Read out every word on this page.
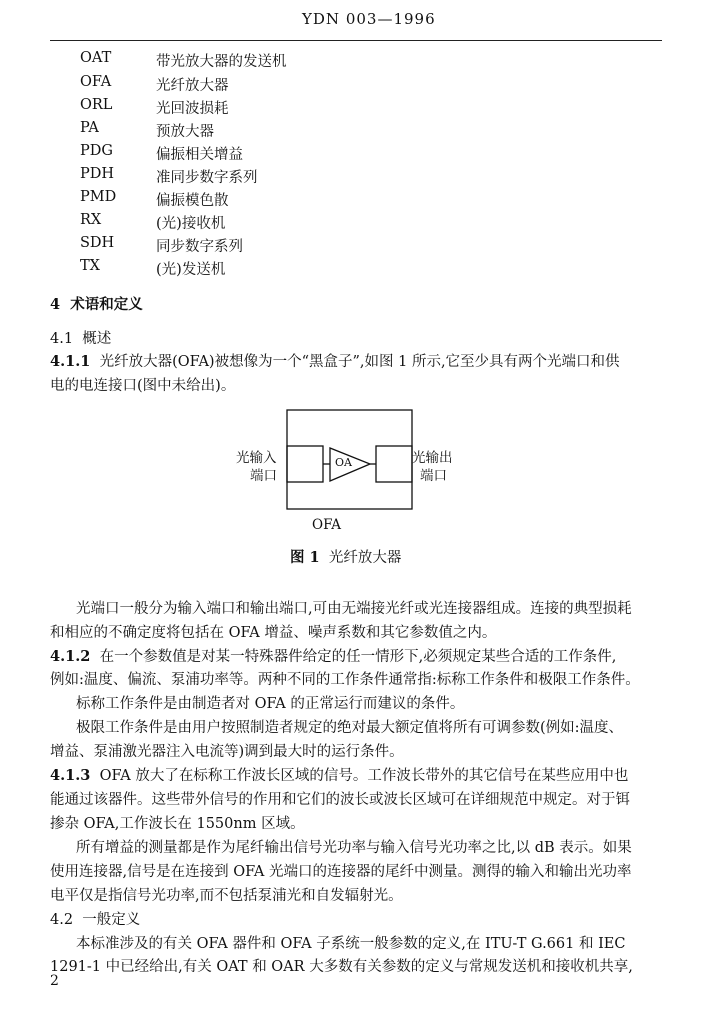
YDN 003—1996
OAT	带光放大器的发送机
OFA	光纤放大器
ORL	光回波损耗
PA	预放大器
PDG	偏振相关增益
PDH	准同步数字系列
PMD	偏振模色散
RX	(光)接收机
SDH	同步数字系列
TX	(光)发送机
4 术语和定义
4.1 概述
4.1.1 光纤放大器(OFA)被想像为一个“黑盒子”,如图 1 所示,它至少具有两个光端口和供
电的电连接口(图中未给出)。
OA
光输入
端口
光输出
端口
OFA
图 1 光纤放大器
光端口一般分为输入端口和输出端口,可由无端接光纤或光连接器组成。连接的典型损耗
和相应的不确定度将包括在 OFA 增益、噪声系数和其它参数值之内。
4.1.2 在一个参数值是对某一特殊器件给定的任一情形下,必须规定某些合适的工作条件,
例如:温度、偏流、泵浦功率等。两种不同的工作条件通常指:标称工作条件和极限工作条件。
标称工作条件是由制造者对 OFA 的正常运行而建议的条件。
极限工作条件是由用户按照制造者规定的绝对最大额定值将所有可调参数(例如:温度、
增益、泵浦激光器注入电流等)调到最大时的运行条件。
4.1.3 OFA 放大了在标称工作波长区域的信号。工作波长带外的其它信号在某些应用中也
能通过该器件。这些带外信号的作用和它们的波长或波长区域可在详细规范中规定。对于铒
掺杂 OFA,工作波长在 1550nm 区域。
所有增益的测量都是作为尾纤输出信号光功率与输入信号光功率之比,以 dB 表示。如果
使用连接器,信号是在连接到 OFA 光端口的连接器的尾纤中测量。测得的输入和输出光功率
电平仅是指信号光功率,而不包括泵浦光和自发辐射光。
4.2 一般定义
本标准涉及的有关 OFA 器件和 OFA 子系统一般参数的定义,在 ITU-T G.661 和 IEC
1291-1 中已经给出,有关 OAT 和 OAR 大多数有关参数的定义与常规发送机和接收机共享,
2
